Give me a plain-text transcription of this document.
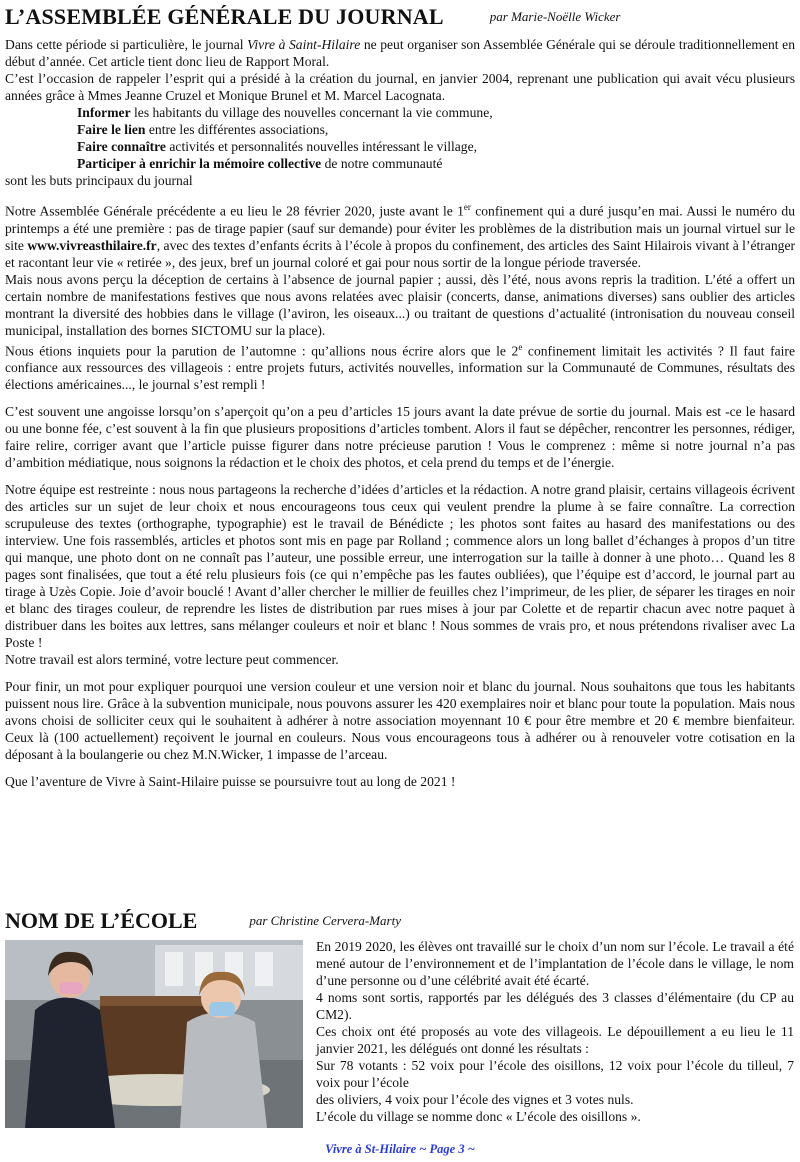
L’ASSEMBLÉE GÉNÉRALE DU JOURNAL	par Marie-Noëlle Wicker

Dans cette période si particulière, le journal Vivre à Saint-Hilaire ne peut organiser son Assemblée Générale qui se déroule traditionnellement en début d’année. Cet article tient donc lieu de Rapport Moral.

C’est l’occasion de rappeler l’esprit qui a présidé à la création du journal, en janvier 2004, reprenant une publication qui avait vécu plusieurs années grâce à Mmes Jeanne Cruzel et Monique Brunel et M. Marcel Lacognata.

Informer les habitants du village des nouvelles concernant la vie commune,

Faire le lien entre les différentes associations,

Faire connaître activités et personnalités nouvelles intéressant le village,

Participer à enrichir la mémoire collective de notre communauté

sont les buts principaux du journal

Notre Assemblée Générale précédente a eu lieu le 28 février 2020, juste avant le 1er confinement qui a duré jusqu’en mai. Aussi le numéro du printemps a été une première : pas de tirage papier (sauf sur demande) pour éviter les problèmes de la distribution mais un journal virtuel sur le site www.vivreasthilaire.fr, avec des textes d’enfants écrits à l’école à propos du confinement, des articles des Saint Hilairois vivant à l’étranger et racontant leur vie « retirée », des jeux, bref un journal coloré et gai pour nous sortir de la longue période traversée.

Mais nous avons perçu la déception de certains à l’absence de journal papier ; aussi, dès l’été, nous avons repris la tradition. L’été a offert un certain nombre de manifestations festives que nous avons relatées avec plaisir (concerts, danse, animations diverses) sans oublier des articles montrant la diversité des hobbies dans le village (l’aviron, les oiseaux...) ou traitant de questions d’actualité (intronisation du nouveau conseil municipal, installation des bornes SICTOMU sur la place).

Nous étions inquiets pour la parution de l’automne : qu’allions nous écrire alors que le 2e confinement limitait les activités ? Il faut faire confiance aux ressources des villageois : entre projets futurs, activités nouvelles, information sur la Communauté de Communes, résultats des élections américaines..., le journal s’est rempli !

C’est souvent une angoisse lorsqu’on s’aperçoit qu’on a peu d’articles 15 jours avant la date prévue de sortie du journal. Mais est -ce le hasard ou une bonne fée, c’est souvent à la fin que plusieurs propositions d’articles tombent. Alors il faut se dépêcher, rencontrer les personnes, rédiger, faire relire, corriger avant que l’article puisse figurer dans notre précieuse parution ! Vous le comprenez : même si notre journal n’a pas d’ambition médiatique, nous soignons la rédaction et le choix des photos, et cela prend du temps et de l’énergie.

Notre équipe est restreinte : nous nous partageons la recherche d’idées d’articles et la rédaction. A notre grand plaisir, certains villageois écrivent des articles sur un sujet de leur choix et nous encourageons tous ceux qui veulent prendre la plume à se faire connaître. La correction scrupuleuse des textes (orthographe, typographie) est le travail de Bénédicte ; les photos sont faites au hasard des manifestations ou des interview. Une fois rassemblés, articles et photos sont mis en page par Rolland ; commence alors un long ballet d’échanges à propos d’un titre qui manque, une photo dont on ne connaît pas l’auteur, une possible erreur, une interrogation sur la taille à donner à une photo… Quand les 8 pages sont finalisées, que tout a été relu plusieurs fois (ce qui n’empêche pas les fautes oubliées), que l’équipe est d’accord, le journal part au tirage à Uzès Copie. Joie d’avoir bouclé ! Avant d’aller chercher le millier de feuilles chez l’imprimeur, de les plier, de séparer les tirages en noir et blanc des tirages couleur, de reprendre les listes de distribution par rues mises à jour par Colette et de repartir chacun avec notre paquet à distribuer dans les boites aux lettres, sans mélanger couleurs et noir et blanc ! Nous sommes de vrais pro, et nous prétendons rivaliser avec La Poste !

Notre travail est alors terminé, votre lecture peut commencer.

Pour finir, un mot pour expliquer pourquoi une version couleur et une version noir et blanc du journal. Nous souhaitons que tous les habitants puissent nous lire. Grâce à la subvention municipale, nous pouvons assurer les 420 exemplaires noir et blanc pour toute la population. Mais nous avons choisi de solliciter ceux qui le souhaitent à adhérer à notre association moyennant 10 € pour être membre et 20 € membre bienfaiteur. Ceux là (100 actuellement) reçoivent le journal en couleurs. Nous vous encourageons tous à adhérer ou à renouveler votre cotisation en la déposant à la boulangerie ou chez M.N.Wicker, 1 impasse de l’arceau.

Que l’aventure de Vivre à Saint-Hilaire puisse se poursuivre tout au long de 2021 !

NOM DE L’ÉCOLE	par Christine Cervera-Marty

En 2019 2020, les élèves ont travaillé sur le choix d’un nom sur l’école. Le travail a été mené autour de l’environnement et de l’implantation de l’école dans le village, le nom d’une personne ou d’une célébrité avait été écarté.

4 noms sont sortis, rapportés par les délégués des 3 classes d’élémentaire (du CP au CM2).

Ces choix ont été proposés au vote des villageois. Le dépouillement a eu lieu le 11 janvier 2021, les délégués ont donné les résultats :

Sur 78 votants : 52 voix pour l’école des oisillons, 12 voix pour l’école du tilleul, 7 voix pour l’école

des oliviers, 4 voix pour l’école des vignes et 3 votes nuls.

L’école du village se nomme donc « L’école des oisillons ».

Vivre à St-Hilaire ~ Page 3 ~
